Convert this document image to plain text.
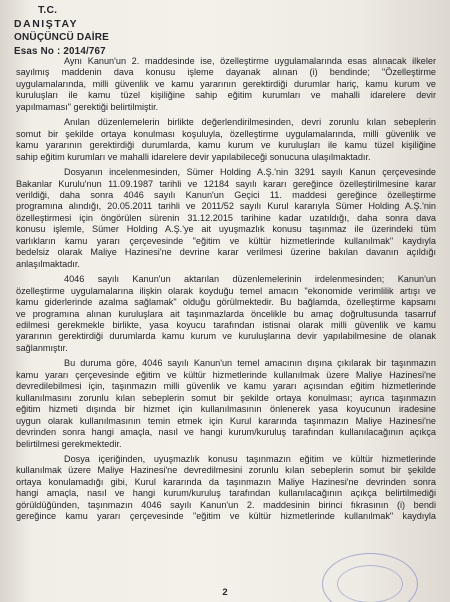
T.C.
DANIŞTAY
ONÜÇÜNCÜ DAİRE
Esas No : 2014/767

Aynı Kanun'un 2. maddesinde ise, özelleştirme uygulamalarında esas alınacak ilkeler
sayılmış maddenin dava konusu işleme dayanak alınan (i) bendinde; "Özelleştirme
uygulamalarında, milli güvenlik ve kamu yararının gerektirdiği durumlar hariç, kamu kurum ve
kuruluşları ile kamu tüzel kişiliğine sahip eğitim kurumları ve mahalli idarelere devir
yapılmaması" gerektiği belirtilmiştir.

Anılan düzenlemelerin birlikte değerlendirilmesinden, devri zorunlu kılan sebeplerin
somut bir şekilde ortaya konulması koşuluyla, özelleştirme uygulamalarında, milli güvenlik ve
kamu yararının gerektirdiği durumlarda, kamu kurum ve kuruluşları ile kamu tüzel kişiliğine
sahip eğitim kurumları ve mahalli idarelere devir yapılabileceği sonucuna ulaşılmaktadır.

Dosyanın incelenmesinden, Sümer Holding A.Ş.'nin 3291 sayılı Kanun çerçevesinde
Bakanlar Kurulu'nun 11.09.1987 tarihli ve 12184 sayılı kararı gereğince özelleştirilmesine karar
verildiği, daha sonra 4046 sayılı Kanun'un Geçici 11. maddesi gereğince özelleştirme
programına alındığı, 20.05.2011 tarihli ve 2011/52 sayılı Kurul kararıyla Sümer Holding A.Ş.'nin
özelleştirmesi için öngörülen sürenin 31.12.2015 tarihine kadar uzatıldığı, daha sonra dava
konusu işlemle, Sümer Holding A.Ş.'ye ait uyuşmazlık konusu taşınmaz ile üzerindeki tüm
varlıkların kamu yararı çerçevesinde "eğitim ve kültür hizmetlerinde kullanılmak" kaydıyla
bedelsiz olarak Maliye Hazinesi'ne devrine karar verilmesi üzerine bakılan davanın açıldığı
anlaşılmaktadır.

4046 sayılı Kanun'un aktarılan düzenlemelerinin irdelenmesinden; Kanun'un
özelleştirme uygulamalarına ilişkin olarak koyduğu temel amacın "ekonomide verimlilik artışı ve
kamu giderlerinde azalma sağlamak" olduğu görülmektedir. Bu bağlamda, özelleştirme kapsamı
ve programına alınan kuruluşlara ait taşınmazlarda öncelikle bu amaç doğrultusunda tasarruf
edilmesi gerekmekle birlikte, yasa koyucu tarafından istisnai olarak milli güvenlik ve kamu
yararının gerektirdiği durumlarda kamu kurum ve kuruluşlarına devir yapılabilmesine de olanak
sağlanmıştır.

Bu duruma göre, 4046 sayılı Kanun'un temel amacının dışına çıkılarak bir taşınmazın
kamu yararı çerçevesinde eğitim ve kültür hizmetlerinde kullanılmak üzere Maliye Hazinesi'ne
devredilebilmesi için, taşınmazın milli güvenlik ve kamu yararı açısından eğitim hizmetlerinde
kullanılmasını zorunlu kılan sebeplerin somut bir şekilde ortaya konulması; ayrıca taşınmazın
eğitim hizmeti dışında bir hizmet için kullanılmasının önlenerek yasa koyucunun iradesine
uygun olarak kullanılmasının temin etmek için Kurul kararında taşınmazın Maliye Hazinesi'ne
devrinden sonra hangi amaçla, nasıl ve hangi kurum/kuruluş tarafından kullanılacağının açıkça
belirtilmesi gerekmektedir.

Dosya içeriğinden, uyuşmazlık konusu taşınmazın eğitim ve kültür hizmetlerinde
kullanılmak üzere Maliye Hazinesi'ne devredilmesini zorunlu kılan sebeplerin somut bir şekilde
ortaya konulamadığı gibi, Kurul kararında da taşınmazın Maliye Hazinesi'ne devrinden sonra
hangi amaçla, nasıl ve hangi kurum/kuruluş tarafından kullanılacağının açıkça belirtilmediği
görüldüğünden, taşınmazın 4046 sayılı Kanun'un 2. maddesinin birinci fıkrasının (i) bendi
gereğince kamu yararı çerçevesinde "eğitim ve kültür hizmetlerinde kullanılmak" kaydıyla

2
